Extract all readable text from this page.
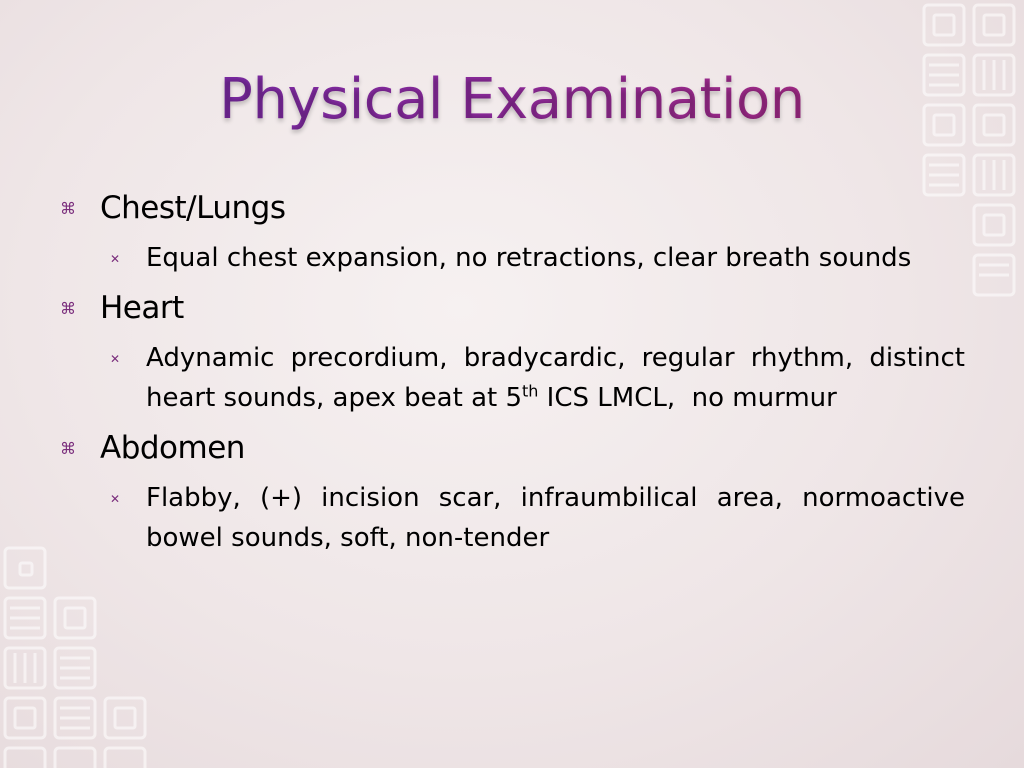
Physical Examination
⌘ Chest/Lungs
✕ Equal chest expansion, no retractions, clear breath sounds
⌘ Heart
✕ Adynamic precordium, bradycardic, regular rhythm, distinct heart sounds, apex beat at 5th ICS LMCL,  no murmur
⌘ Abdomen
✕ Flabby, (+) incision scar, infraumbilical area, normoactive bowel sounds, soft, non-tender
